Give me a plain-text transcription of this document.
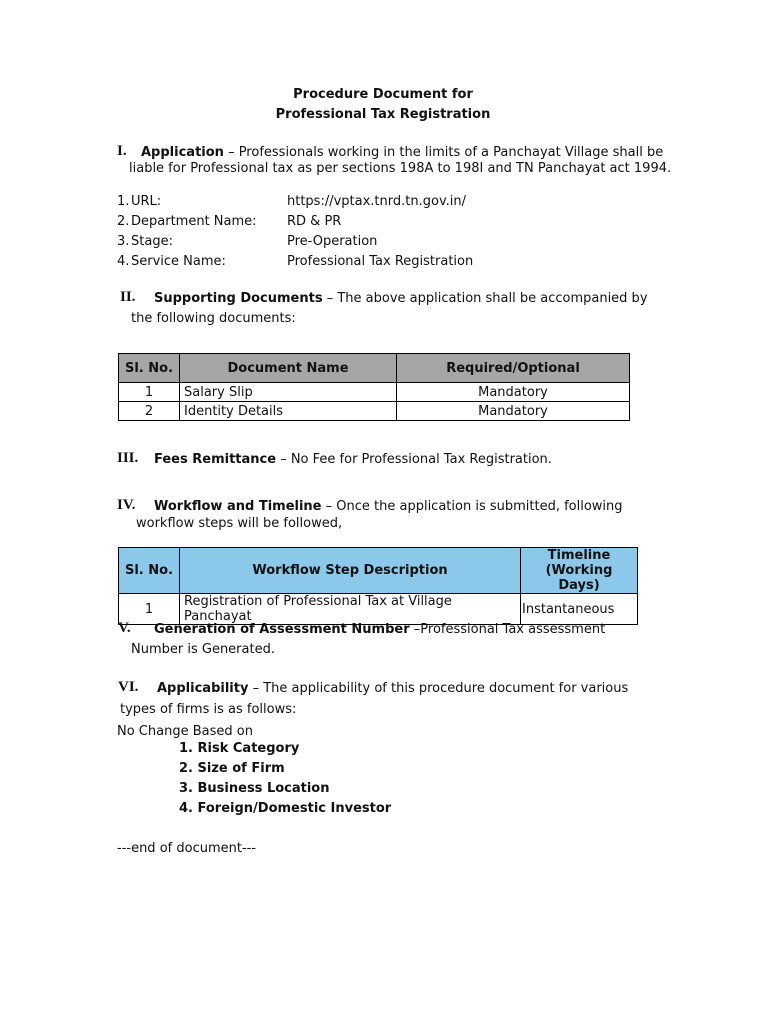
Procedure Document for
Professional Tax Registration
I. Application – Professionals working in the limits of a Panchayat Village shall be
liable for Professional tax as per sections 198A to 198I and TN Panchayat act 1994.
1. URL:	https://vptax.tnrd.tn.gov.in/
2. Department Name: RD & PR
3. Stage:	Pre-Operation
4. Service Name:	Professional Tax Registration
II. Supporting Documents – The above application shall be accompanied by
the following documents:
Sl. No.	Document Name	Required/Optional
1	Salary Slip	Mandatory
2	Identity Details	Mandatory
III. Fees Remittance – No Fee for Professional Tax Registration.
IV. Workflow and Timeline – Once the application is submitted, following
workflow steps will be followed,
Sl. No.	Workflow Step Description	Timeline
(Working Days)

1	Registration of Professional Tax at Village Panchayat	Instantaneous
V. Generation of Assessment Number –Professional Tax assessment
Number is Generated.
VI. Applicability – The applicability of this procedure document for various
types of firms is as follows:
No Change Based on
1. Risk Category
2. Size of Firm
3. Business Location
4. Foreign/Domestic Investor
---end of document---
